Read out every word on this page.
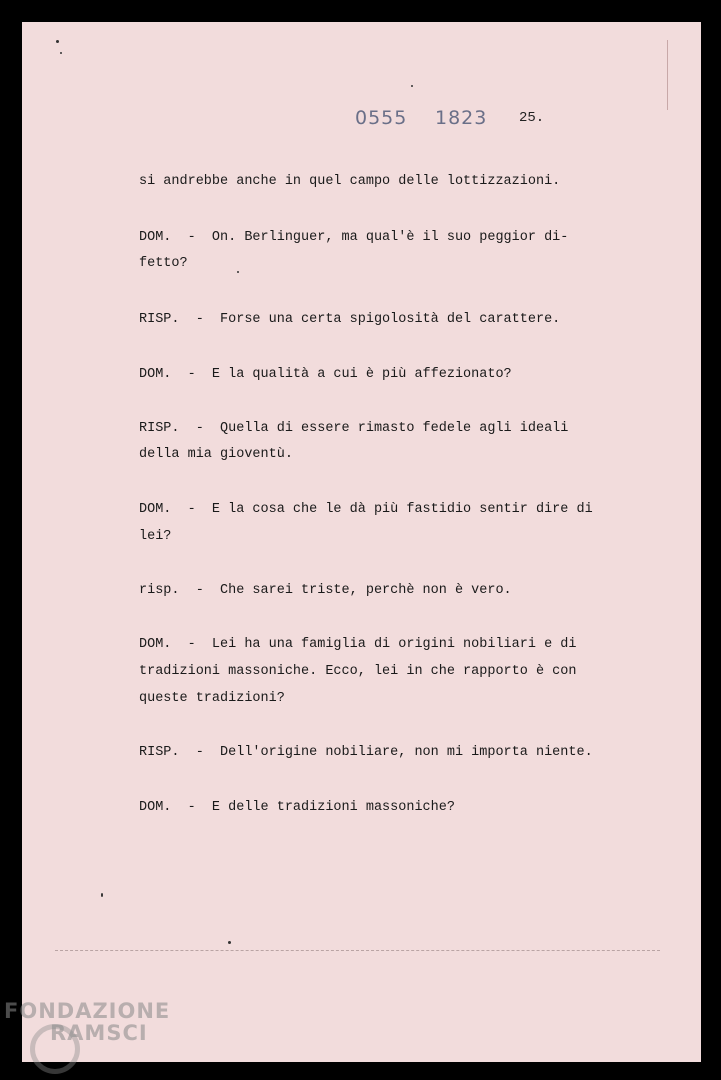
0555 1823 25.
si andrebbe anche in quel campo delle lottizzazioni.
DOM.  -  On. Berlinguer, ma qual'è il suo peggior di-
fetto?
RISP.  -  Forse una certa spigolosità del carattere.
DOM.  -  E la qualità a cui è più affezionato?
RISP.  -  Quella di essere rimasto fedele agli ideali
della mia gioventù.
DOM.  -  E la cosa che le dà più fastidio sentir dire di
lei?
risp.  -  Che sarei triste, perchè non è vero.
DOM.  -  Lei ha una famiglia di origini nobiliari e di
tradizioni massoniche. Ecco, lei in che rapporto è con
queste tradizioni?
RISP.  -  Dell'origine nobiliare, non mi importa niente.
DOM.  -  E delle tradizioni massoniche?
FONDAZIONE
RAMSCI
